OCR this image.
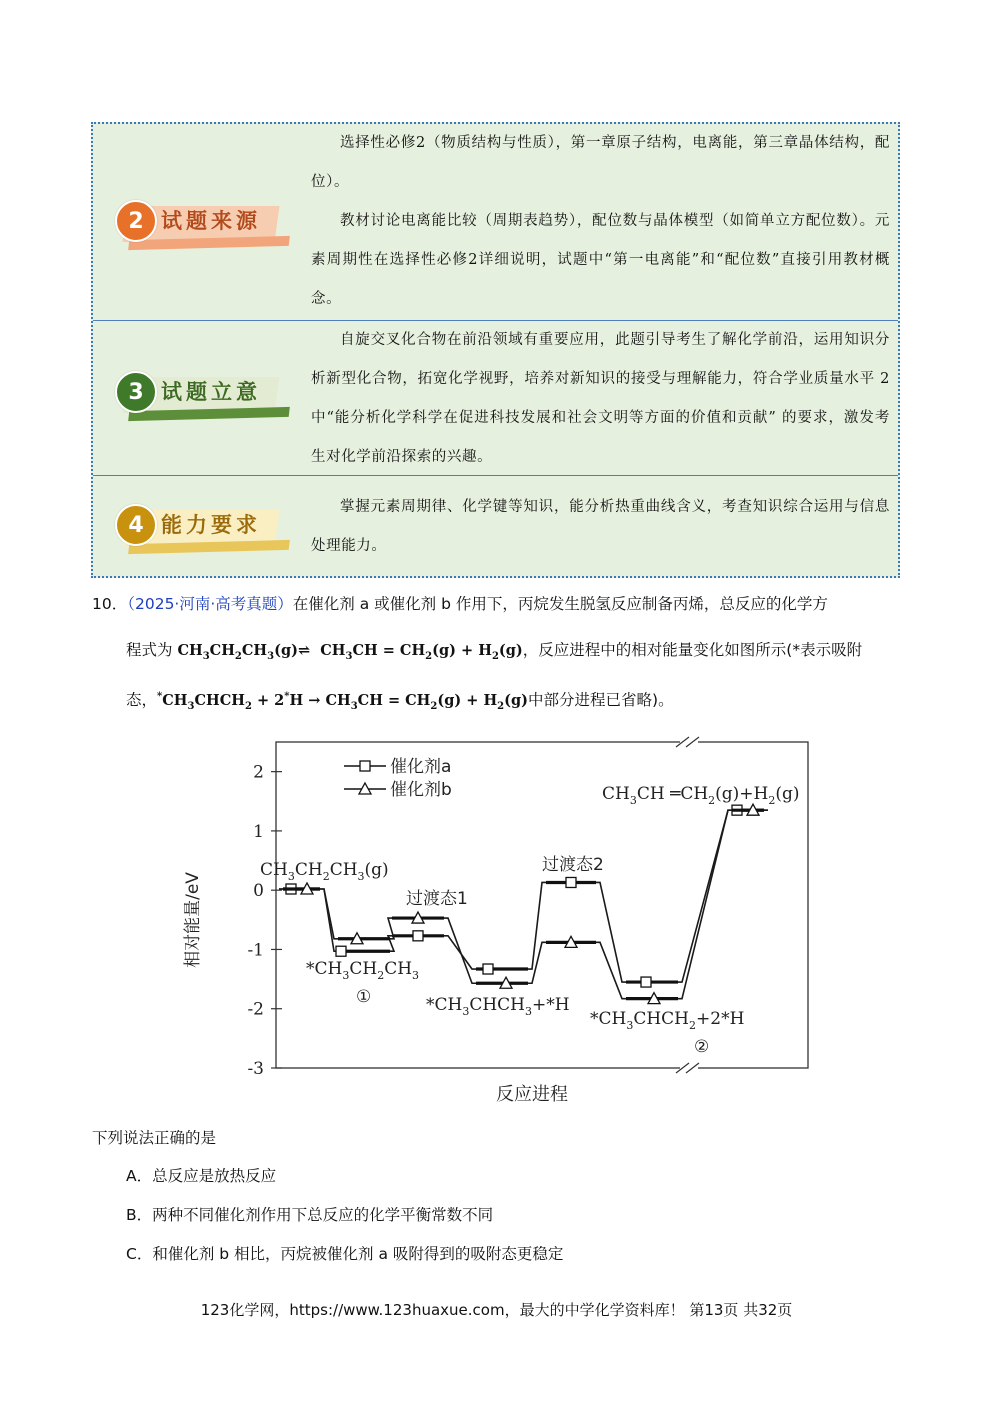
2 试题来源

选择性必修2（物质结构与性质），第一章原子结构，电离能，第三章晶体结构，配位）。

教材讨论电离能比较（周期表趋势），配位数与晶体模型（如简单立方配位数）。元素周期性在选择性必修2详细说明，试题中“第一电离能”和“配位数”直接引用教材概念。

3 试题立意

自旋交叉化合物在前沿领域有重要应用，此题引导考生了解化学前沿，运用知识分析新型化合物，拓宽化学视野，培养对新知识的接受与理解能力，符合学业质量水平 2 中“能分析化学科学在促进科技发展和社会文明等方面的价值和贡献” 的要求，激发考生对化学前沿探索的兴趣。

4 能力要求

掌握元素周期律、化学键等知识，能分析热重曲线含义，考查知识综合运用与信息处理能力。

10．（2025·河南·高考真题）在催化剂 a 或催化剂 b 作用下，丙烷发生脱氢反应制备丙烯，总反应的化学方
程式为 $CH_3CH_2CH_3(g)\rightleftharpoons$  $CH_3CH = CH_2(g) + H_2(g)$，反应进程中的相对能量变化如图所示(*表示吸附
态，$^*CH_3CHCH_2 + 2^*H \to CH_3CH = CH_2(g) + H_2(g)$中部分进程已省略)。
2
1
0
-1
-2
-3
反应进程
相对能量/eV
催化剂a
催化剂b
$CH_3CH_2CH_3(g)$
$*CH_3CH_2CH_3$
①
过渡态1
$*CH_3CHCH_3+*H$
过渡态2
$*CH_3CHCH_2+2*H$
②
$CH_3CH$ $═CH_2(g)+H_2(g)$
下列说法正确的是
A．总反应是放热反应
B．两种不同催化剂作用下总反应的化学平衡常数不同
C．和催化剂 b 相比，丙烷被催化剂 a 吸附得到的吸附态更稳定
123化学网，https://www.123huaxue.com，最大的中学化学资料库！ 第13页 共32页
